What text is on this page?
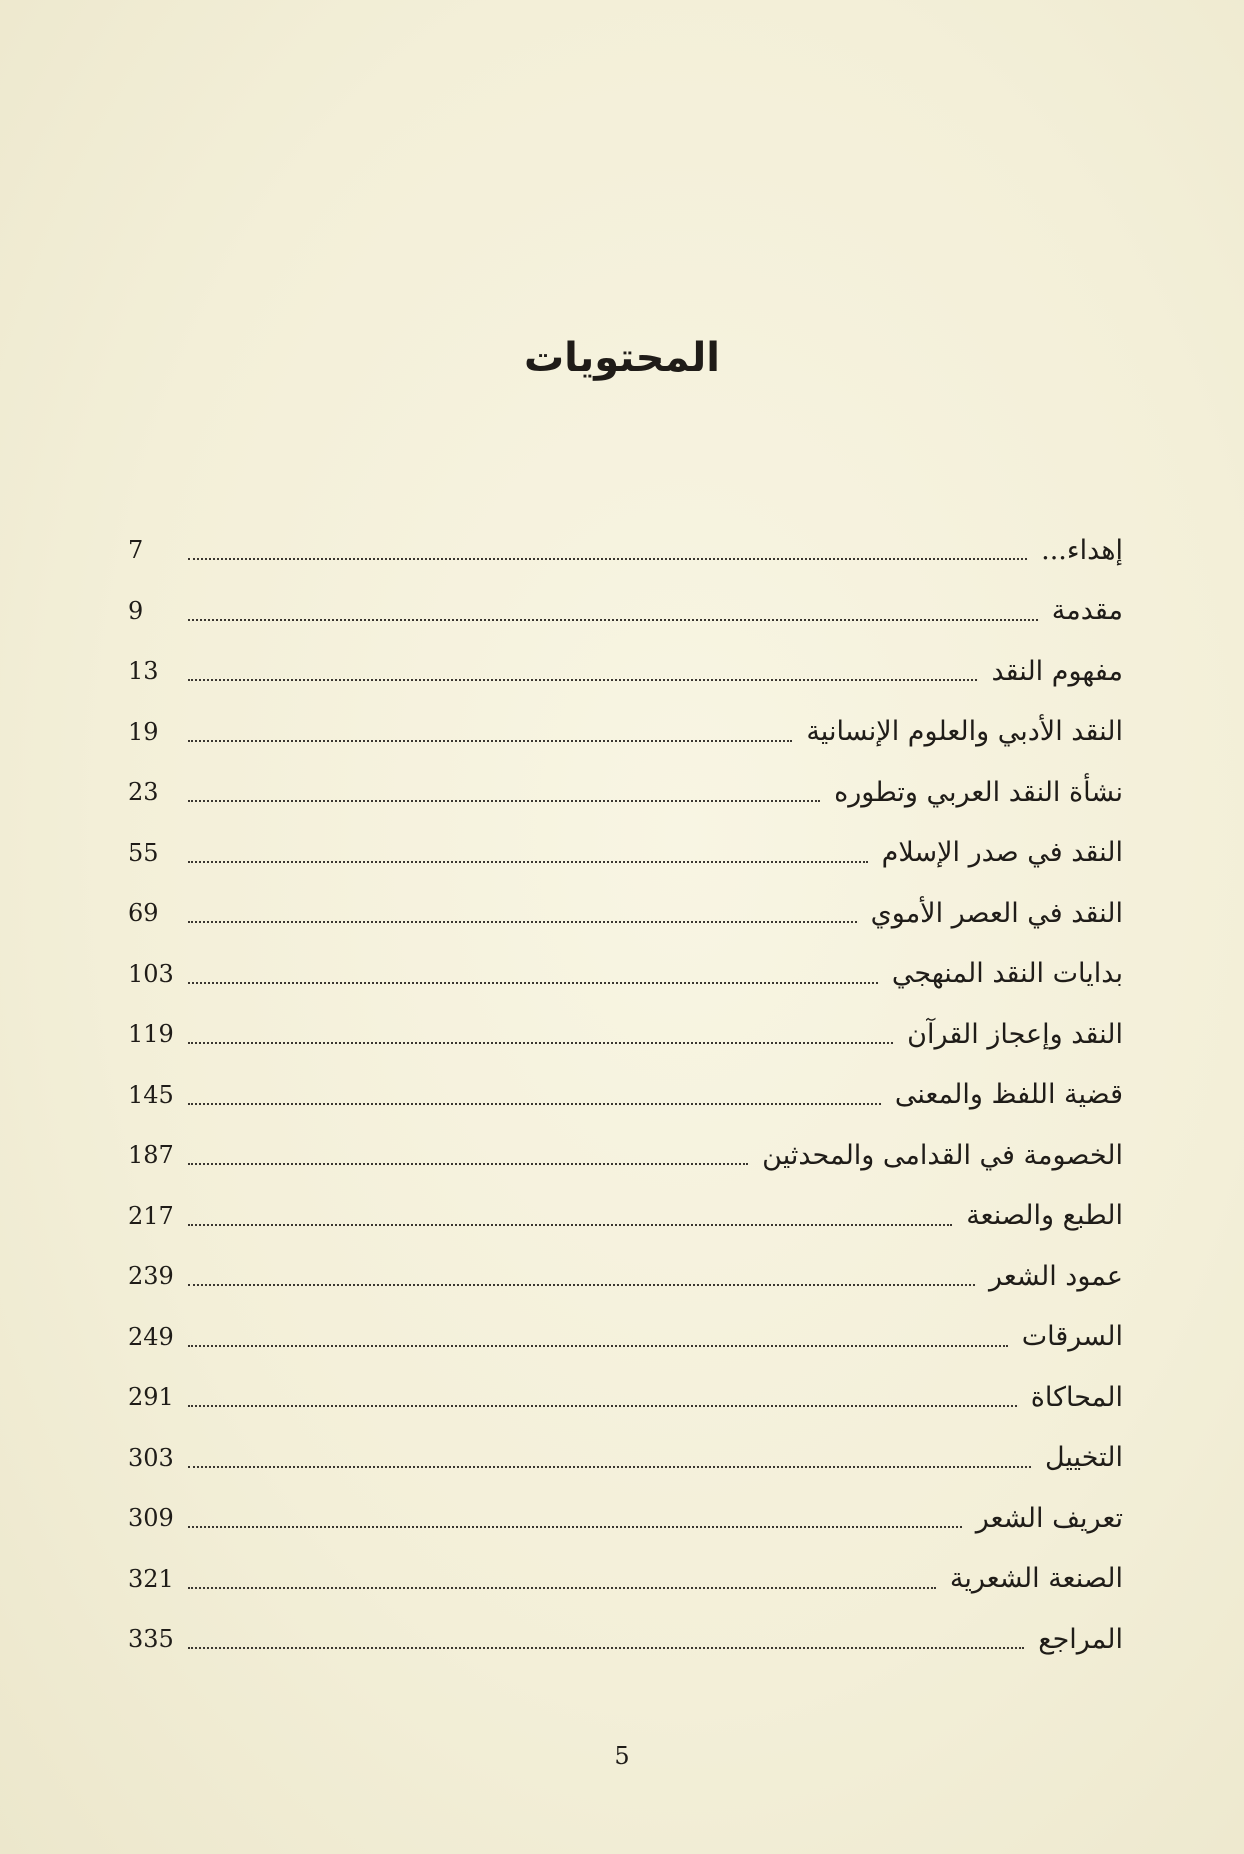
المحتويات
إهداء...
7
مقدمة
9
مفهوم النقد
13
النقد الأدبي والعلوم الإنسانية
19
نشأة النقد العربي وتطوره
23
النقد في صدر الإسلام
55
النقد في العصر الأموي
69
بدايات النقد المنهجي
103
النقد وإعجاز القرآن
119
قضية اللفظ والمعنى
145
الخصومة في القدامى والمحدثين
187
الطبع والصنعة
217
عمود الشعر
239
السرقات
249
المحاكاة
291
التخييل
303
تعريف الشعر
309
الصنعة الشعرية
321
المراجع
335
5
